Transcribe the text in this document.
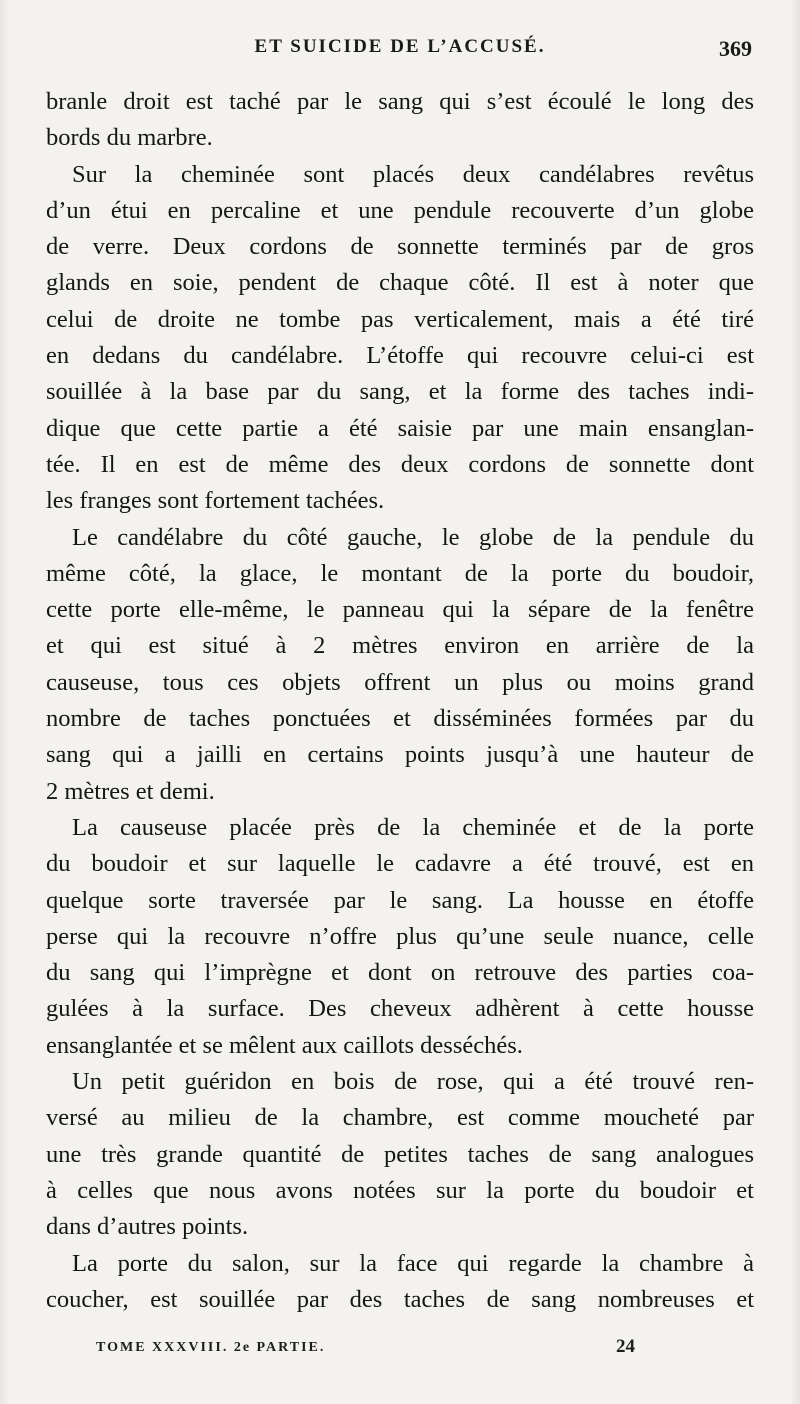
ET SUICIDE DE L’ACCUSÉ.	369
branle droit est taché par le sang qui s’est écoulé le long des
bords du marbre.
Sur la cheminée sont placés deux candélabres revêtus
d’un étui en percaline et une pendule recouverte d’un globe
de verre. Deux cordons de sonnette terminés par de gros
glands en soie, pendent de chaque côté. Il est à noter que
celui de droite ne tombe pas verticalement, mais a été tiré
en dedans du candélabre. L’étoffe qui recouvre celui-ci est
souillée à la base par du sang, et la forme des taches indi-
dique que cette partie a été saisie par une main ensanglan-
tée. Il en est de même des deux cordons de sonnette dont
les franges sont fortement tachées.
Le candélabre du côté gauche, le globe de la pendule du
même côté, la glace, le montant de la porte du boudoir,
cette porte elle-même, le panneau qui la sépare de la fenêtre
et qui est situé à 2 mètres environ en arrière de la
causeuse, tous ces objets offrent un plus ou moins grand
nombre de taches ponctuées et disséminées formées par du
sang qui a jailli en certains points jusqu’à une hauteur de
2 mètres et demi.
La causeuse placée près de la cheminée et de la porte
du boudoir et sur laquelle le cadavre a été trouvé, est en
quelque sorte traversée par le sang. La housse en étoffe
perse qui la recouvre n’offre plus qu’une seule nuance, celle
du sang qui l’imprègne et dont on retrouve des parties coa-
gulées à la surface. Des cheveux adhèrent à cette housse
ensanglantée et se mêlent aux caillots desséchés.
Un petit guéridon en bois de rose, qui a été trouvé ren-
versé au milieu de la chambre, est comme moucheté par
une très grande quantité de petites taches de sang analogues
à celles que nous avons notées sur la porte du boudoir et
dans d’autres points.
La porte du salon, sur la face qui regarde la chambre à
coucher, est souillée par des taches de sang nombreuses et
TOME XXXVIII. 2e PARTIE.	24
